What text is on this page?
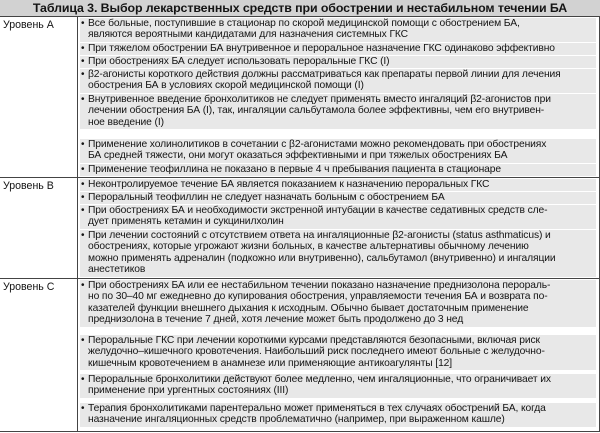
Таблица 3. Выбор лекарственных средств при обострении и нестабильном течении БА
Уровень А	• Все больные, поступившие в стационар по скорой медицинской помощи с обострением БА,
являются вероятными кандидатами для назначения системных ГКС
• При тяжелом обострении БА внутривенное и пероральное назначение ГКС одинаково эффективно
• При обострениях БА следует использовать пероральные ГКС (I)
• β2-агонисты короткого действия должны рассматриваться как препараты первой линии для лечения
обострения БА в условиях скорой медицинской помощи (I)
• Внутривенное введение бронхолитиков не следует применять вместо ингаляций β2-агонистов при
лечении обострения БА (I), так, ингаляции сальбутамола более эффективны, чем его внутривен-
ное введение (I)
• Применение холинолитиков в сочетании с β2-агонистами можно рекомендовать при обострениях
БА средней тяжести, они могут оказаться эффективными и при тяжелых обострениях БА
• Применение теофиллина не показано в первые 4 ч пребывания пациента в стационаре
Уровень В	• Неконтролируемое течение БА является показанием к назначению пероральных ГКС
• Пероральный теофиллин не следует назначать больным с обострением БА
• При обострениях БА и необходимости экстренной интубации в качестве седативных средств сле-
дует применять кетамин и сукцинилхолин
• При лечении состояний с отсутствием ответа на ингаляционные β2-агонисты (status asthmaticus) и
обострениях, которые угрожают жизни больных, в качестве альтернативы обычному лечению
можно применять адреналин (подкожно или внутривенно), сальбутамол (внутривенно) и ингаляции
анестетиков
Уровень С	• При обострениях БА или ее нестабильном течении показано назначение преднизолона перораль-
но по 30–40 мг ежедневно до купирования обострения, управляемости течения БА и возврата по-
казателей функции внешнего дыхания к исходным. Обычно бывает достаточным применение
преднизолона в течение 7 дней, хотя лечение может быть продолжено до 3 нед
• Пероральные ГКС при лечении короткими курсами представляются безопасными, включая риск
желудочно–кишечного кровотечения. Наибольший риск последнего имеют больные с желудочно-
кишечным кровотечением в анамнезе или применяющие антикоагулянты [12]
• Пероральные бронхолитики действуют более медленно, чем ингаляционные, что ограничивает их
применение при ургентных состояниях (III)
• Терапия бронхолитиками парентерально может применяться в тех случаях обострений БА, когда
назначение ингаляционных средств проблематично (например, при выраженном кашле)
